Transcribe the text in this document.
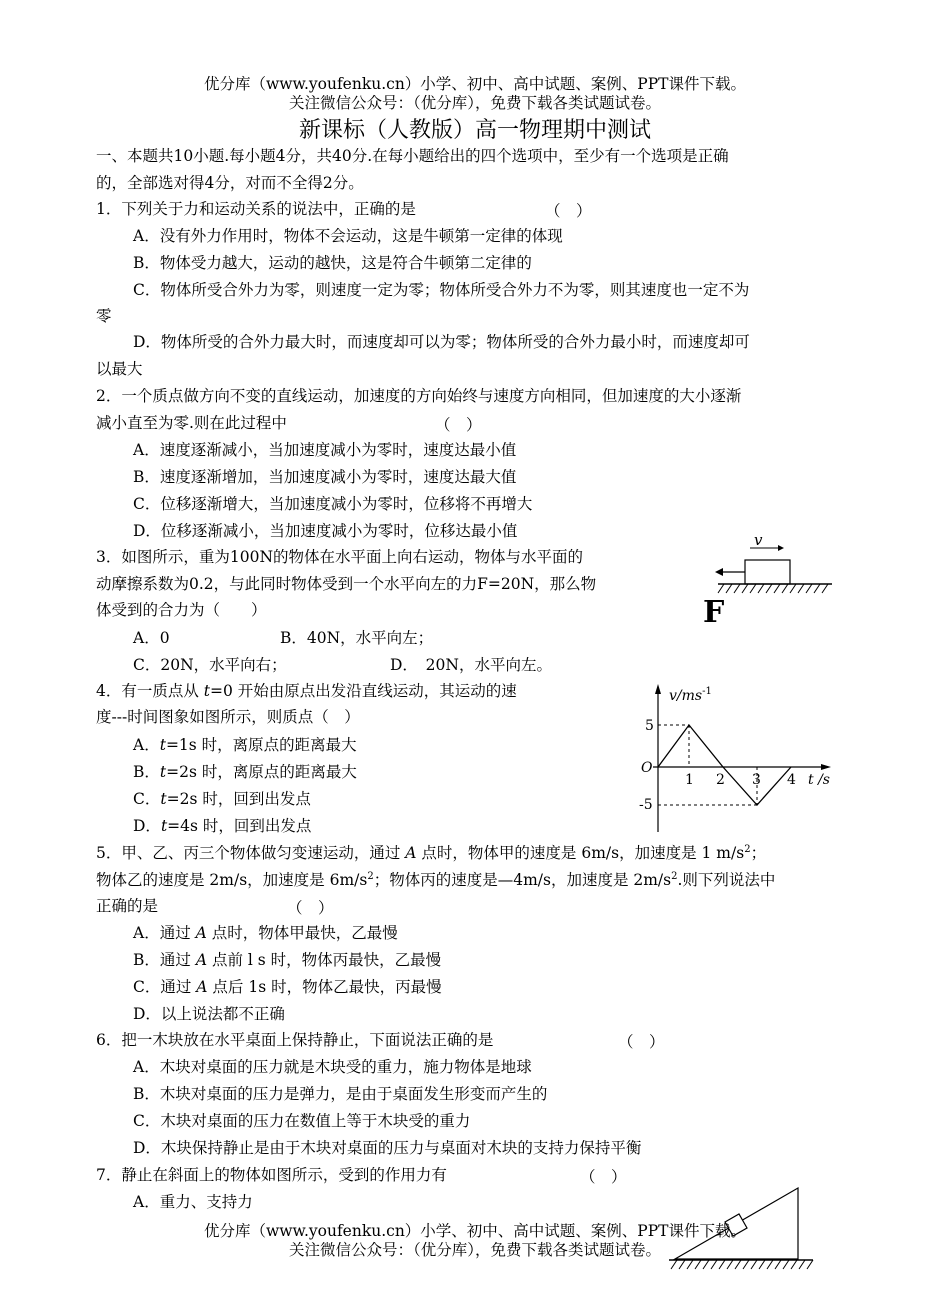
优分库（www.youfenku.cn）小学、初中、高中试题、案例、PPT课件下载。
关注微信公众号：（优分库），免费下载各类试题试卷。
新课标（人教版）高一物理期中测试
一、本题共10小题.每小题4分，共40分.在每小题给出的四个选项中，至少有一个选项是正确
的，全部选对得4分，对而不全得2分。
1．下列关于力和运动关系的说法中，正确的是	（　）
A．没有外力作用时，物体不会运动，这是牛顿第一定律的体现
B．物体受力越大，运动的越快，这是符合牛顿第二定律的
C．物体所受合外力为零，则速度一定为零；物体所受合外力不为零，则其速度也一定不为
零
D．物体所受的合外力最大时，而速度却可以为零；物体所受的合外力最小时，而速度却可
以最大
2．一个质点做方向不变的直线运动，加速度的方向始终与速度方向相同，但加速度的大小逐渐
减小直至为零.则在此过程中	（　）
A．速度逐渐减小，当加速度减小为零时，速度达最小值
B．速度逐渐增加，当加速度减小为零时，速度达最大值
C．位移逐渐增大，当加速度减小为零时，位移将不再增大
D．位移逐渐减小，当加速度减小为零时，位移达最小值
3．如图所示，重为100N的物体在水平面上向右运动，物体与水平面的
动摩擦系数为0.2，与此同时物体受到一个水平向左的力F=20N，那么物
体受到的合力为（　　）
A．0	B．40N，水平向左；
C．20N，水平向右；	D．　20N，水平向左。
v
F
4．有一质点从 t=0 开始由原点出发沿直线运动，其运动的速
度---时间图象如图所示，则质点（　）
A．t=1s 时，离原点的距离最大
B．t=2s 时，离原点的距离最大
C．t=2s 时，回到出发点
D．t=4s 时，回到出发点
$v/ms^{-1}$
t /s
O
5
-5
1 2 3 4
5．甲、乙、丙三个物体做匀变速运动，通过 A 点时，物体甲的速度是 6m/s，加速度是 1 $m/s^2$；
物体乙的速度是 2m/s，加速度是 $6m/s^2$；物体丙的速度是—4m/s，加速度是 $2m/s^2$.则下列说法中
正确的是	（　）
A．通过 A 点时，物体甲最快，乙最慢
B．通过 A 点前 l s 时，物体丙最快，乙最慢
C．通过 A 点后 1s 时，物体乙最快，丙最慢
D．以上说法都不正确
6．把一木块放在水平桌面上保持静止，下面说法正确的是	（　）
A．木块对桌面的压力就是木块受的重力，施力物体是地球
B．木块对桌面的压力是弹力，是由于桌面发生形变而产生的
C．木块对桌面的压力在数值上等于木块受的重力
D．木块保持静止是由于木块对桌面的压力与桌面对木块的支持力保持平衡
7．静止在斜面上的物体如图所示，受到的作用力有	（　）
A．重力、支持力
优分库（www.youfenku.cn）小学、初中、高中试题、案例、PPT课件下载。
关注微信公众号：（优分库），免费下载各类试题试卷。
